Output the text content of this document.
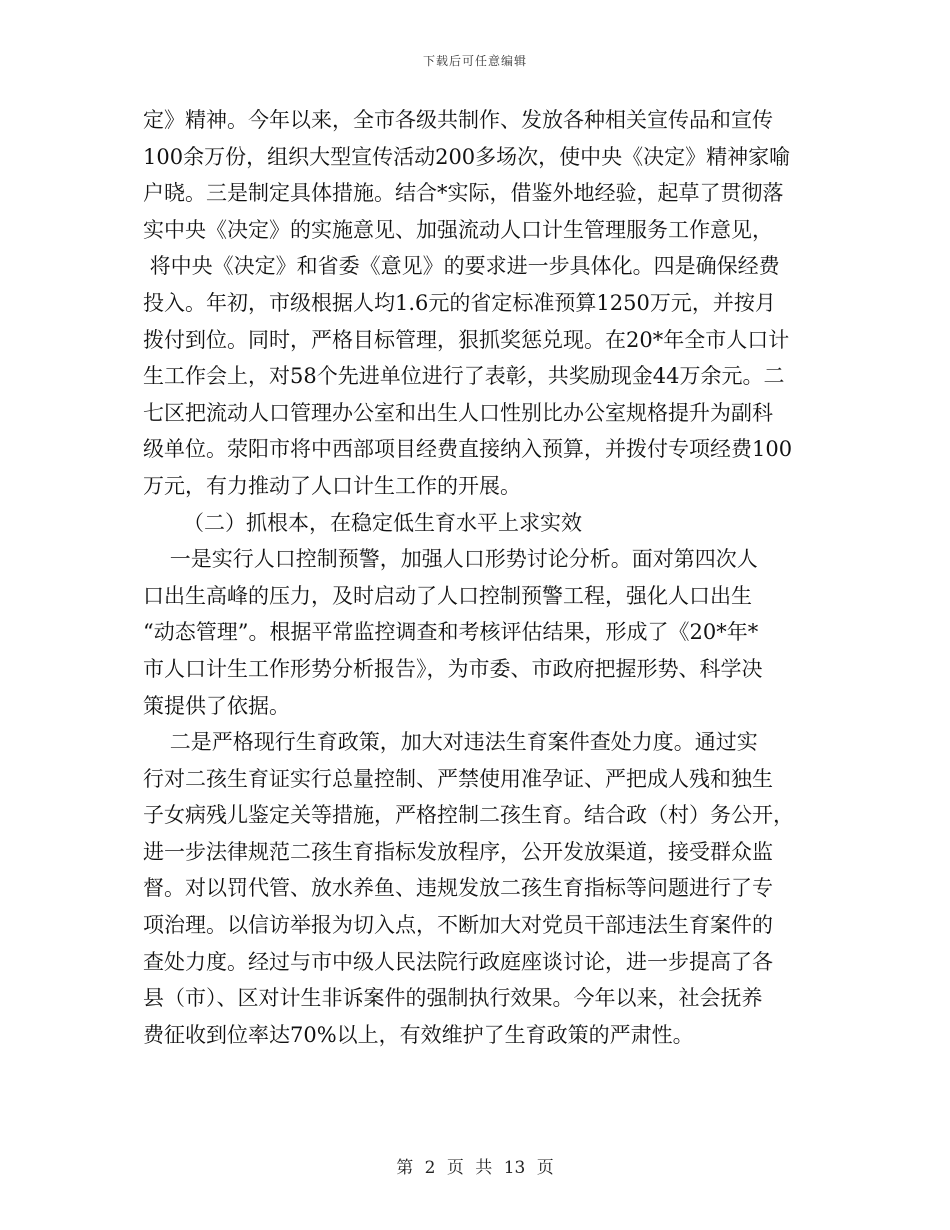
下载后可任意编辑
定》精神。今年以来，全市各级共制作、发放各种相关宣传品和宣传
100余万份，组织大型宣传活动200多场次，使中央《决定》精神家喻
户晓。三是制定具体措施。结合*实际，借鉴外地经验，起草了贯彻落
实中央《决定》的实施意见、加强流动人口计生管理服务工作意见，
将中央《决定》和省委《意见》的要求进一步具体化。四是确保经费
投入。年初，市级根据人均1.6元的省定标准预算1250万元，并按月
拨付到位。同时，严格目标管理，狠抓奖惩兑现。在20*年全市人口计
生工作会上，对58个先进单位进行了表彰，共奖励现金44万余元。二
七区把流动人口管理办公室和出生人口性别比办公室规格提升为副科
级单位。荥阳市将中西部项目经费直接纳入预算，并拨付专项经费100
万元，有力推动了人口计生工作的开展。
（二）抓根本，在稳定低生育水平上求实效
一是实行人口控制预警，加强人口形势讨论分析。面对第四次人
口出生高峰的压力，及时启动了人口控制预警工程，强化人口出生
“动态管理”。根据平常监控调查和考核评估结果，形成了《20*年*
市人口计生工作形势分析报告》，为市委、市政府把握形势、科学决
策提供了依据。
二是严格现行生育政策，加大对违法生育案件查处力度。通过实
行对二孩生育证实行总量控制、严禁使用准孕证、严把成人残和独生
子女病残儿鉴定关等措施，严格控制二孩生育。结合政（村）务公开，
进一步法律规范二孩生育指标发放程序，公开发放渠道，接受群众监
督。对以罚代管、放水养鱼、违规发放二孩生育指标等问题进行了专
项治理。以信访举报为切入点，不断加大对党员干部违法生育案件的
查处力度。经过与市中级人民法院行政庭座谈讨论，进一步提高了各
县（市）、区对计生非诉案件的强制执行效果。今年以来，社会抚养
费征收到位率达70%以上，有效维护了生育政策的严肃性。
第 2 页 共 13 页
